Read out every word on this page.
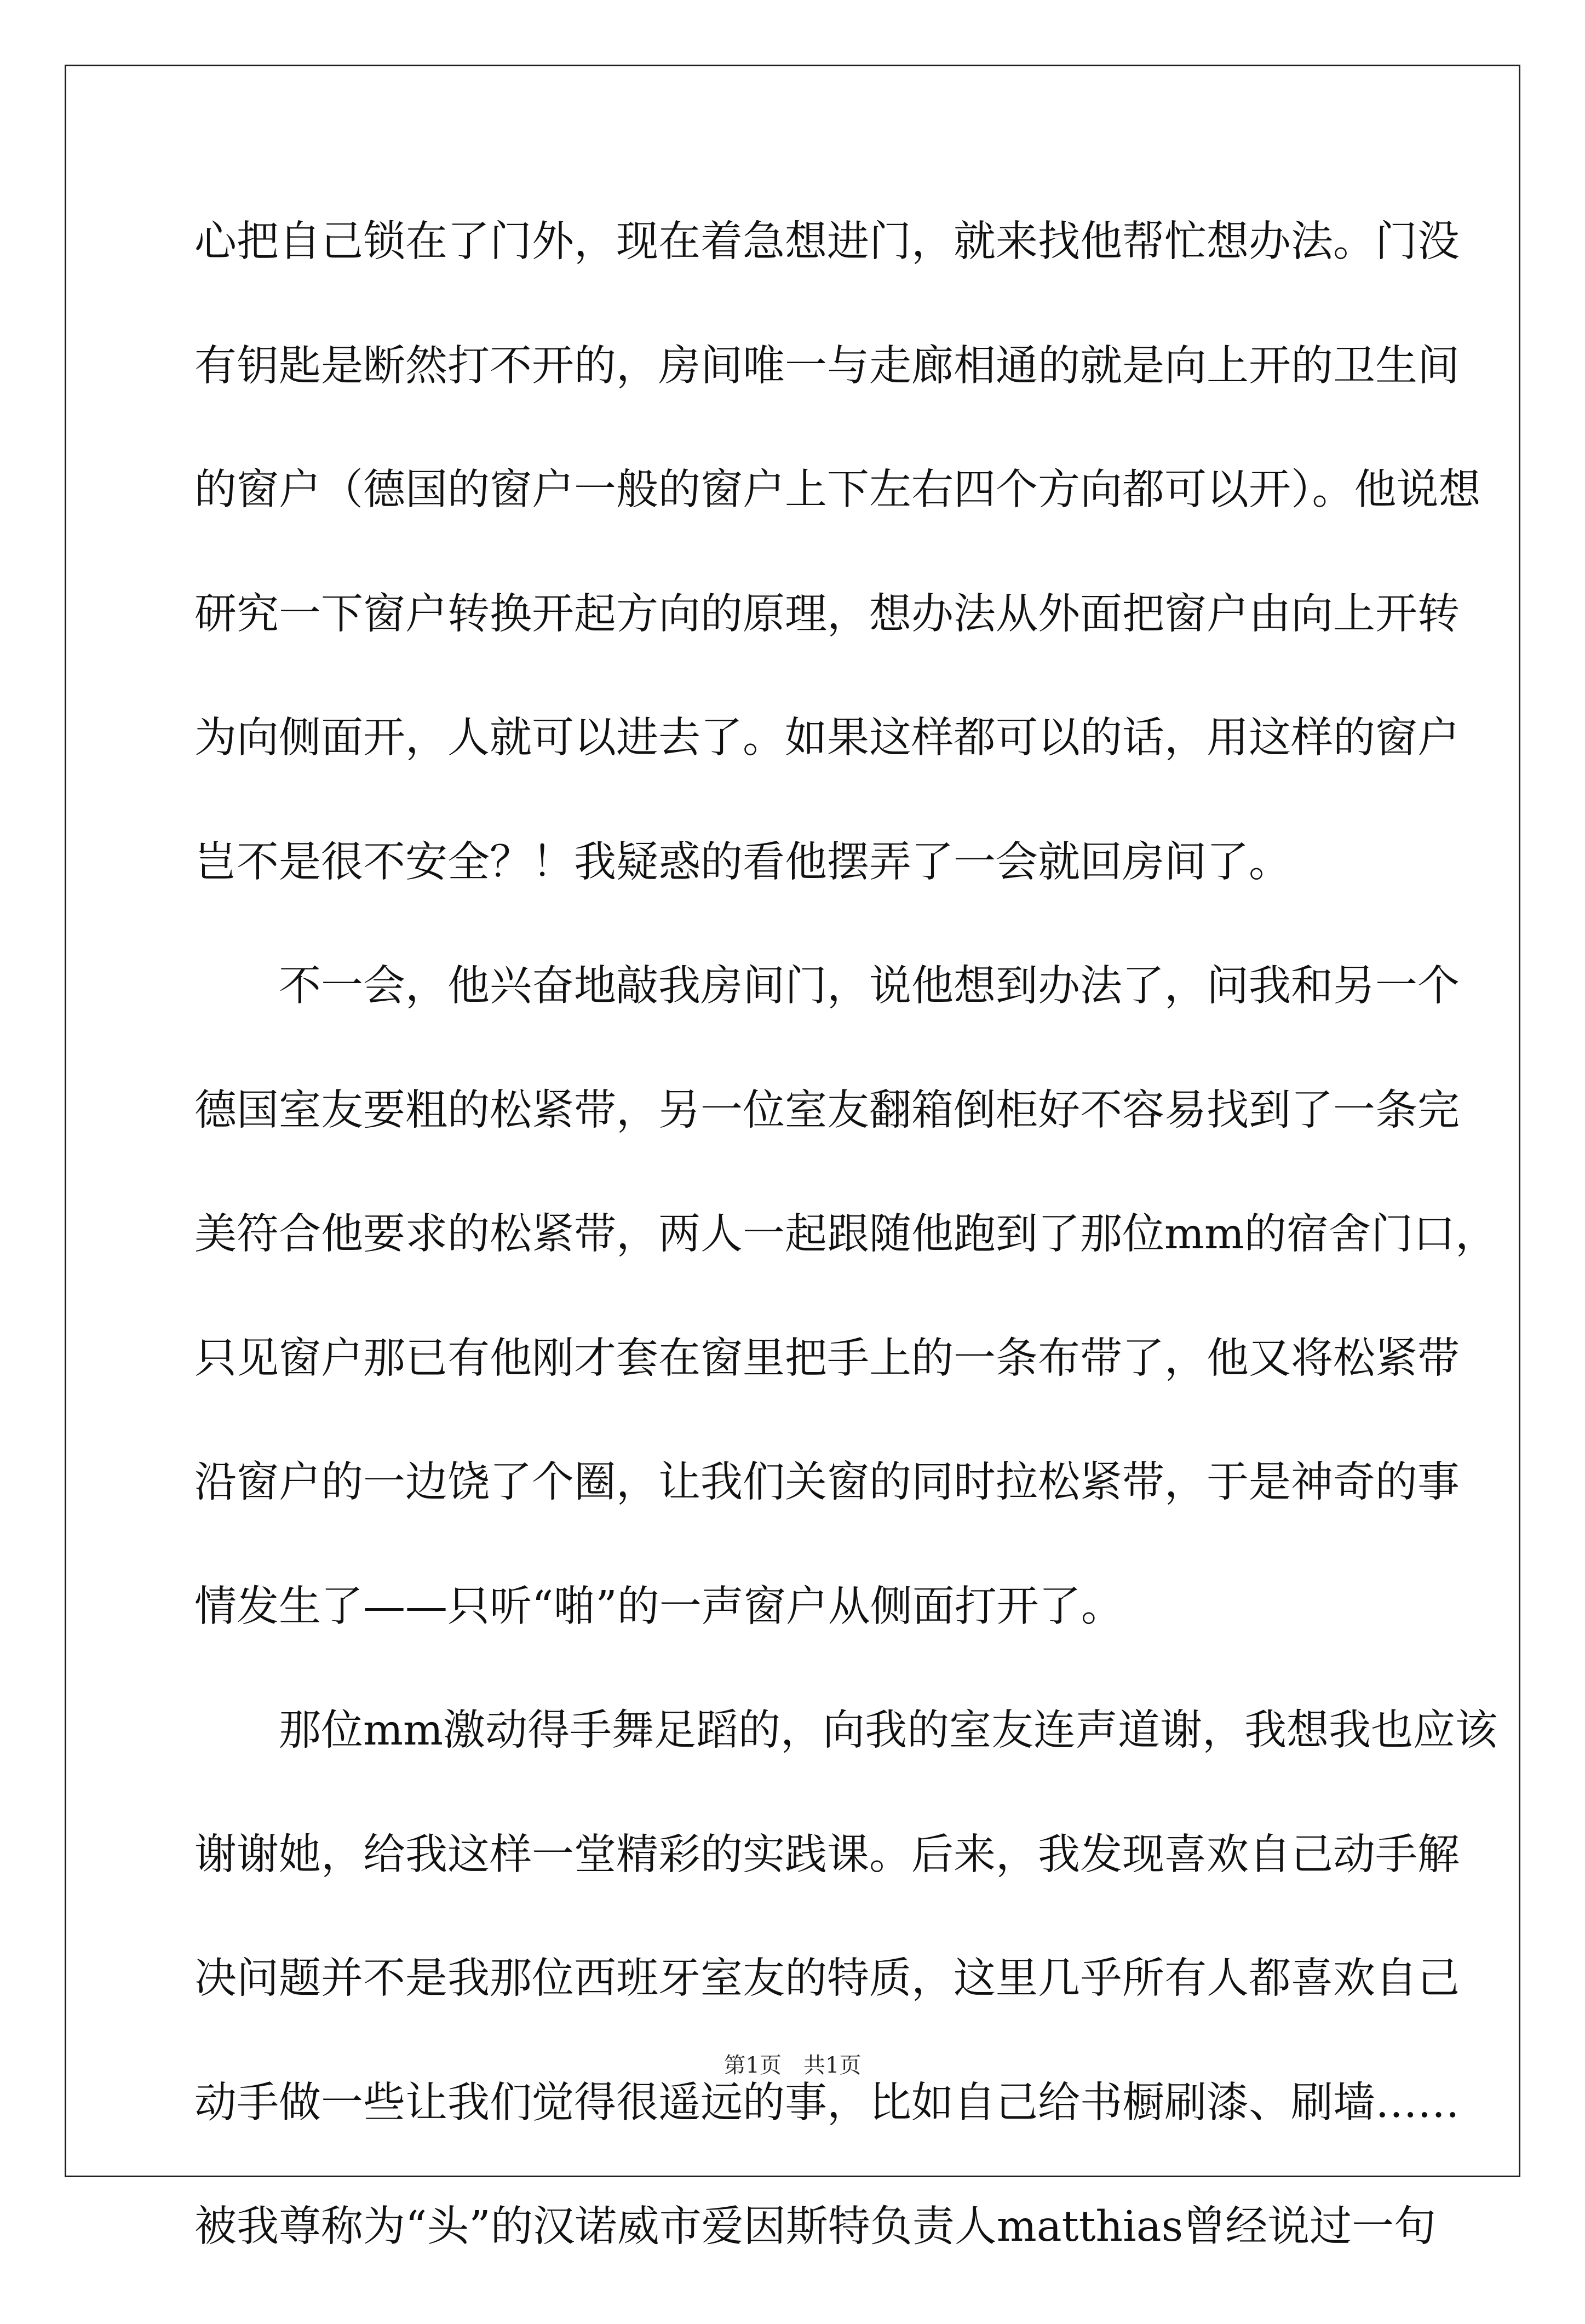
心把自己锁在了门外，现在着急想进门，就来找他帮忙想办法。门没
有钥匙是断然打不开的，房间唯一与走廊相通的就是向上开的卫生间
的窗户（德国的窗户一般的窗户上下左右四个方向都可以开）。他说想
研究一下窗户转换开起方向的原理，想办法从外面把窗户由向上开转
为向侧面开，人就可以进去了。如果这样都可以的话，用这样的窗户
岂不是很不安全？！我疑惑的看他摆弄了一会就回房间了。
　　不一会，他兴奋地敲我房间门，说他想到办法了，问我和另一个
德国室友要粗的松紧带，另一位室友翻箱倒柜好不容易找到了一条完
美符合他要求的松紧带，两人一起跟随他跑到了那位mm的宿舍门口，
只见窗户那已有他刚才套在窗里把手上的一条布带了，他又将松紧带
沿窗户的一边饶了个圈，让我们关窗的同时拉松紧带，于是神奇的事
情发生了——只听“啪”的一声窗户从侧面打开了。
　　那位mm激动得手舞足蹈的，向我的室友连声道谢，我想我也应该
谢谢她，给我这样一堂精彩的实践课。后来，我发现喜欢自己动手解
决问题并不是我那位西班牙室友的特质，这里几乎所有人都喜欢自己
动手做一些让我们觉得很遥远的事，比如自己给书橱刷漆、刷墙……
被我尊称为“头”的汉诺威市爱因斯特负责人matthias曾经说过一句
第1页　共1页
